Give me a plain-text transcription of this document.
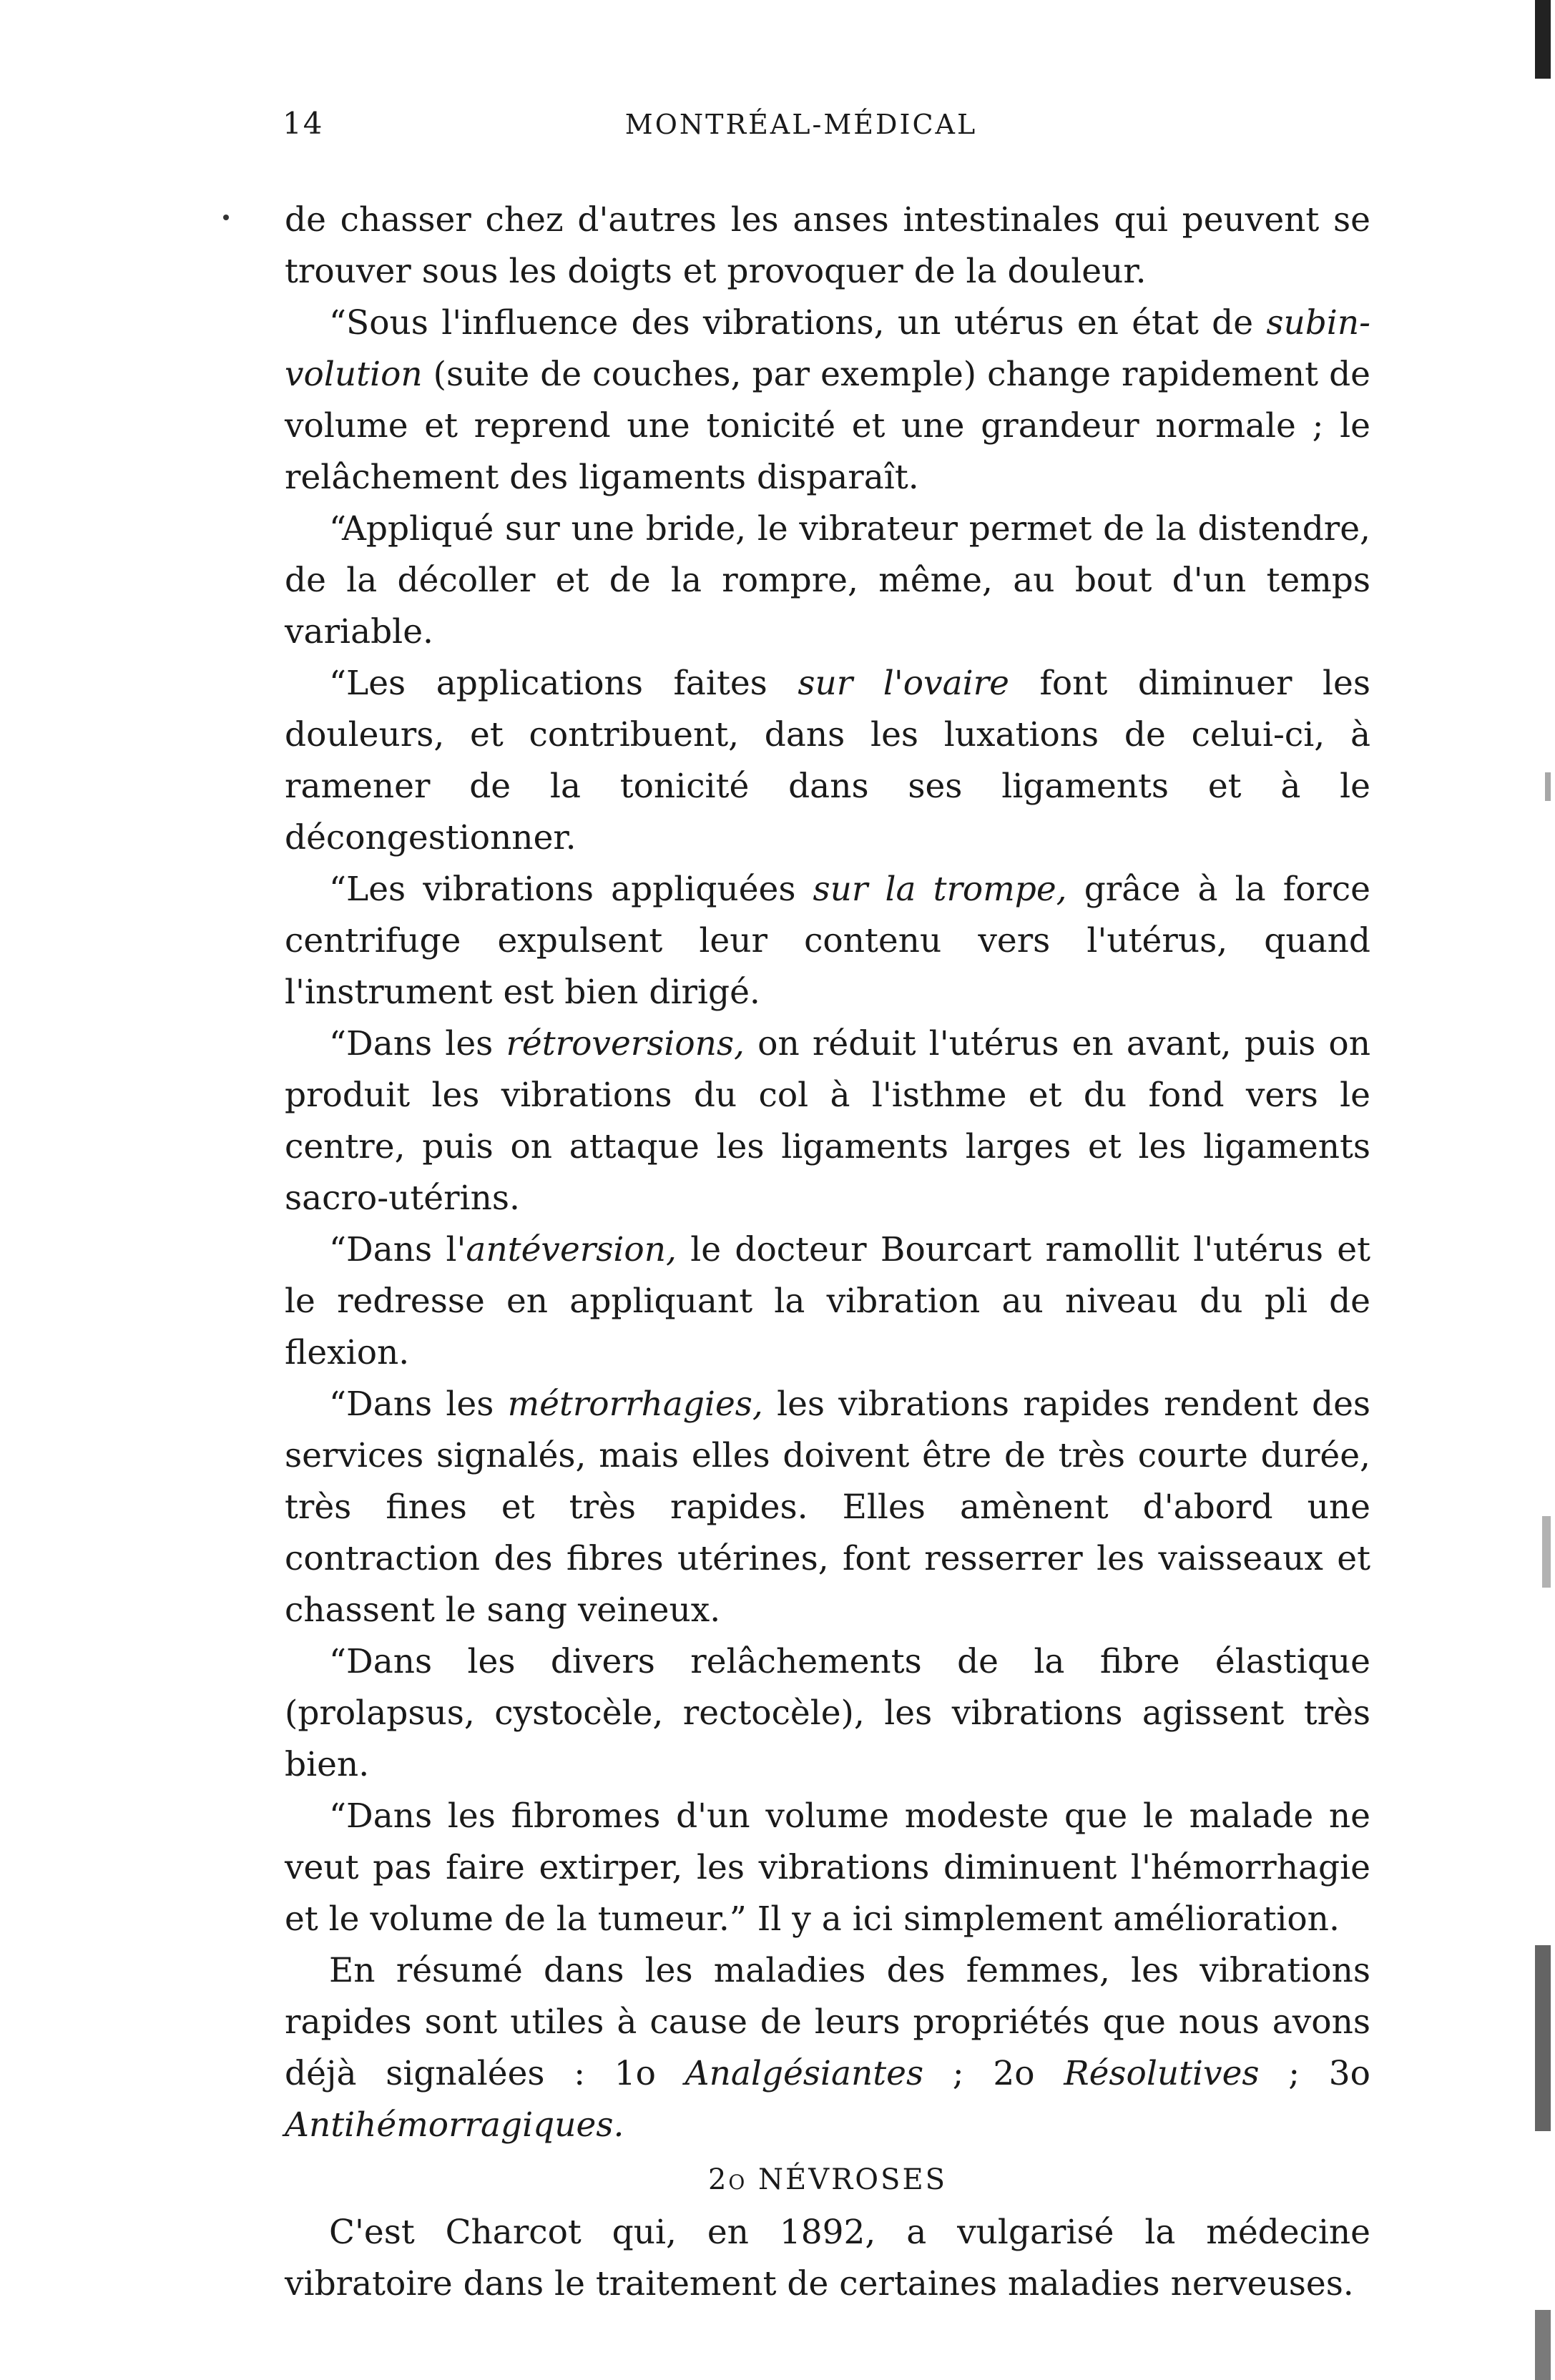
14	MONTRÉAL-MÉDICAL

de chasser chez d'autres les anses intestinales qui peuvent se trouver sous les doigts et provoquer de la douleur.

“Sous l'influence des vibrations, un utérus en état de subin-volution (suite de couches, par exemple) change rapidement de volume et reprend une tonicité et une grandeur normale ; le relâchement des ligaments disparaît.

“Appliqué sur une bride, le vibrateur permet de la distendre, de la décoller et de la rompre, même, au bout d'un temps variable.

“Les applications faites sur l'ovaire font diminuer les douleurs, et contribuent, dans les luxations de celui-ci, à ramener de la tonicité dans ses ligaments et à le décongestionner.

“Les vibrations appliquées sur la trompe, grâce à la force centrifuge expulsent leur contenu vers l'utérus, quand l'instrument est bien dirigé.

“Dans les rétroversions, on réduit l'utérus en avant, puis on produit les vibrations du col à l'isthme et du fond vers le centre, puis on attaque les ligaments larges et les ligaments sacro-utérins.

“Dans l'antéversion, le docteur Bourcart ramollit l'utérus et le redresse en appliquant la vibration au niveau du pli de flexion.

“Dans les métrorrhagies, les vibrations rapides rendent des services signalés, mais elles doivent être de très courte durée, très fines et très rapides. Elles amènent d'abord une contraction des fibres utérines, font resserrer les vaisseaux et chassent le sang veineux.

“Dans les divers relâchements de la fibre élastique (prolapsus, cystocèle, rectocèle), les vibrations agissent très bien.

“Dans les fibromes d'un volume modeste que le malade ne veut pas faire extirper, les vibrations diminuent l'hémorrhagie et le volume de la tumeur.” Il y a ici simplement amélioration.

En résumé dans les maladies des femmes, les vibrations rapides sont utiles à cause de leurs propriétés que nous avons déjà signalées : 1o Analgésiantes ; 2o Résolutives ; 3o Antihémorragiques.

2o NÉVROSES

C'est Charcot qui, en 1892, a vulgarisé la médecine vibratoire dans le traitement de certaines maladies nerveuses.
